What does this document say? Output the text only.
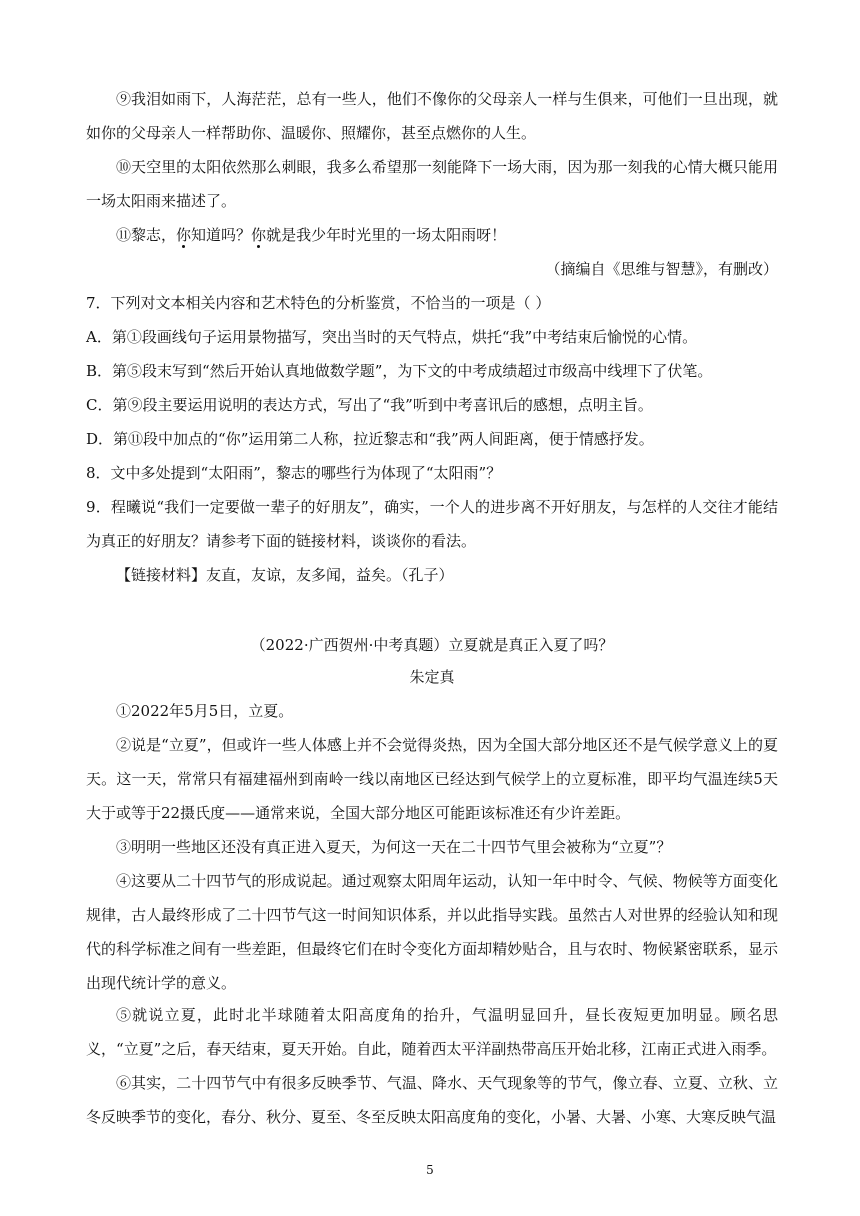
⑨我泪如雨下，人海茫茫，总有一些人，他们不像你的父母亲人一样与生俱来，可他们一旦出现，就如你的父母亲人一样帮助你、温暖你、照耀你，甚至点燃你的人生。

⑩天空里的太阳依然那么刺眼，我多么希望那一刻能降下一场大雨，因为那一刻我的心情大概只能用一场太阳雨来描述了。

⑪黎志，你知道吗？你就是我少年时光里的一场太阳雨呀！

（摘编自《思维与智慧》，有删改）

7．下列对文本相关内容和艺术特色的分析鉴赏，不恰当的一项是（ ）

A．第①段画线句子运用景物描写，突出当时的天气特点，烘托“我”中考结束后愉悦的心情。

B．第⑤段末写到“然后开始认真地做数学题”，为下文的中考成绩超过市级高中线埋下了伏笔。

C．第⑨段主要运用说明的表达方式，写出了“我”听到中考喜讯后的感想，点明主旨。

D．第⑪段中加点的“你”运用第二人称，拉近黎志和“我”两人间距离，便于情感抒发。

8．文中多处提到“太阳雨”，黎志的哪些行为体现了“太阳雨”？

9．程曦说“我们一定要做一辈子的好朋友”，确实，一个人的进步离不开好朋友，与怎样的人交往才能结为真正的好朋友？请参考下面的链接材料，谈谈你的看法。

【链接材料】友直，友谅，友多闻，益矣。（孔子）

（2022·广西贺州·中考真题）立夏就是真正入夏了吗？

朱定真

①2022年5月5日，立夏。

②说是“立夏”，但或许一些人体感上并不会觉得炎热，因为全国大部分地区还不是气候学意义上的夏天。这一天，常常只有福建福州到南岭一线以南地区已经达到气候学上的立夏标准，即平均气温连续5天大于或等于22摄氏度——通常来说，全国大部分地区可能距该标准还有少许差距。

③明明一些地区还没有真正进入夏天，为何这一天在二十四节气里会被称为“立夏”？

④这要从二十四节气的形成说起。通过观察太阳周年运动，认知一年中时令、气候、物候等方面变化规律，古人最终形成了二十四节气这一时间知识体系，并以此指导实践。虽然古人对世界的经验认知和现代的科学标准之间有一些差距，但最终它们在时令变化方面却精妙贴合，且与农时、物候紧密联系，显示出现代统计学的意义。

⑤就说立夏，此时北半球随着太阳高度角的抬升，气温明显回升，昼长夜短更加明显。顾名思义，“立夏”之后，春天结束，夏天开始。自此，随着西太平洋副热带高压开始北移，江南正式进入雨季。

⑥其实，二十四节气中有很多反映季节、气温、降水、天气现象等的节气，像立春、立夏、立秋、立冬反映季节的变化，春分、秋分、夏至、冬至反映太阳高度角的变化，小暑、大暑、小寒、大寒反映气温

5
